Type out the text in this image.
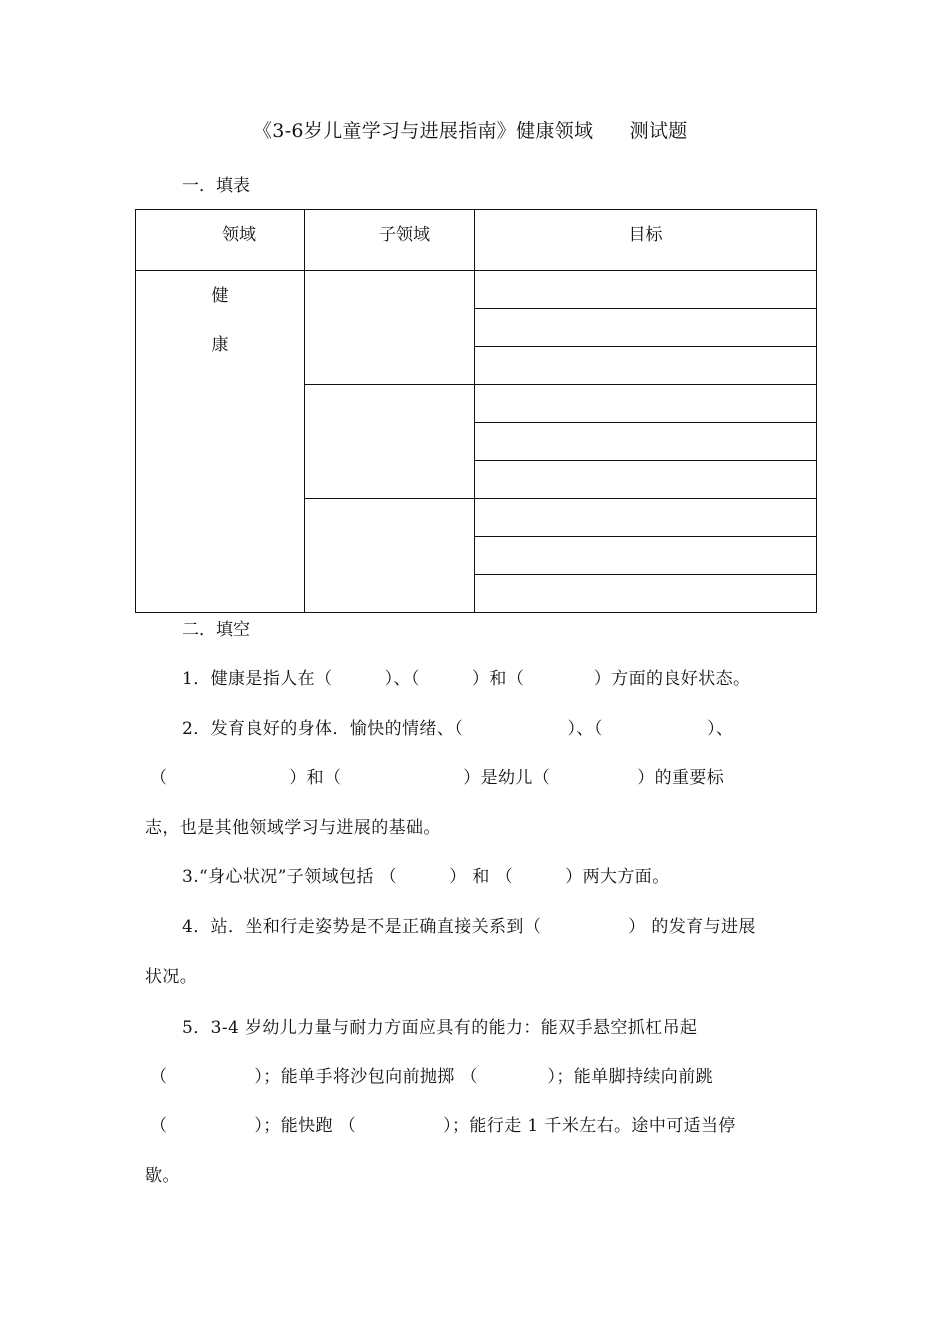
《3-6岁儿童学习与进展指南》健康领域 测试题
一．填表
领域	子领域	目标

健
康		

二．填空
1．健康是指人在（　　　）、（　　　）和（　　　　）方面的良好状态。
2．发育良好的身体．愉快的情绪、（　　　　　　）、（　　　　　　）、
（　　　　　　　）和（　　　　　　　）是幼儿（　　　　　）的重要标
志，也是其他领域学习与进展的基础。
3.“身心状况”子领域包括 （　　　） 和 （　　　）两大方面。
4．站．坐和行走姿势是不是正确直接关系到（　　　　　） 的发育与进展
状况。
5．3-4 岁幼儿力量与耐力方面应具有的能力：能双手悬空抓杠吊起
（　　　　　）；能单手将沙包向前抛掷 （　　　　）；能单脚持续向前跳
（　　　　　）；能快跑 （　　　　　）；能行走 1 千米左右。途中可适当停
歇。
